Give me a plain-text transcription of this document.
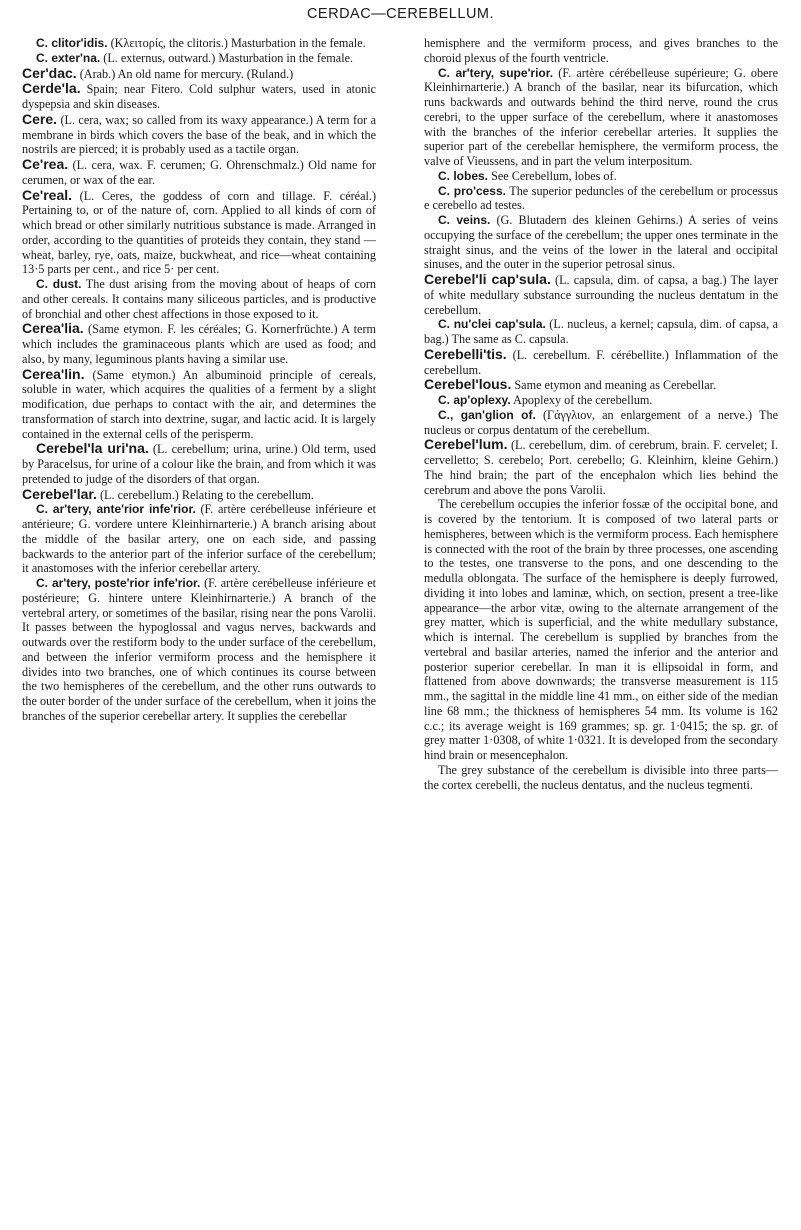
CERDAC—CEREBELLUM.

C. clitor'idis. (Κλειτορίς, the clitoris.) Masturbation in the female.

C. exter'na. (L. externus, outward.) Masturbation in the female.

Cer'dac. (Arab.) An old name for mercury. (Ruland.)

Cerde'la. Spain; near Fitero. Cold sulphur waters, used in atonic dyspepsia and skin diseases.

Cere. (L. cera, wax; so called from its waxy appearance.) A term for a membrane in birds which covers the base of the beak, and in which the nostrils are pierced; it is probably used as a tactile organ.

Ce'rea. (L. cera, wax. F. cerumen; G. Ohrenschmalz.) Old name for cerumen, or wax of the ear.

Ce'real. (L. Ceres, the goddess of corn and tillage. F. céréal.) Pertaining to, or of the nature of, corn. Applied to all kinds of corn of which bread or other similarly nutritious substance is made. Arranged in order, according to the quantities of proteids they contain, they stand —wheat, barley, rye, oats, maize, buckwheat, and rice—wheat containing 13·5 parts per cent., and rice 5· per cent.

C. dust. The dust arising from the moving about of heaps of corn and other cereals. It contains many siliceous particles, and is productive of bronchial and other chest affections in those exposed to it.

Cerea'lia. (Same etymon. F. les céréales; G. Kornerfrüchte.) A term which includes the graminaceous plants which are used as food; and also, by many, leguminous plants having a similar use.

Cerea'lin. (Same etymon.) An albuminoid principle of cereals, soluble in water, which acquires the qualities of a ferment by a slight modification, due perhaps to contact with the air, and determines the transformation of starch into dextrine, sugar, and lactic acid. It is largely contained in the external cells of the perisperm.

Cerebel'la uri'na. (L. cerebellum; urina, urine.) Old term, used by Paracelsus, for urine of a colour like the brain, and from which it was pretended to judge of the disorders of that organ.

Cerebel'lar. (L. cerebellum.) Relating to the cerebellum.

C. ar'tery, ante'rior infe'rior. (F. artère cerébelleuse inférieure et antérieure; G. vordere untere Kleinhirnarterie.) A branch arising about the middle of the basilar artery, one on each side, and passing backwards to the anterior part of the inferior surface of the cerebellum; it anastomoses with the inferior cerebellar artery.

C. ar'tery, poste'rior infe'rior. (F. artère cerébelleuse inférieure et postérieure; G. hintere untere Kleinhirnarterie.) A branch of the vertebral artery, or sometimes of the basilar, rising near the pons Varolii. It passes between the hypoglossal and vagus nerves, backwards and outwards over the restiform body to the under surface of the cerebellum, and between the inferior vermiform process and the hemisphere it divides into two branches, one of which continues its course between the two hemispheres of the cerebellum, and the other runs outwards to the outer border of the under surface of the cerebellum, when it joins the branches of the superior cerebellar artery. It supplies the cerebellar

hemisphere and the vermiform process, and gives branches to the choroid plexus of the fourth ventricle.

C. ar'tery, supe'rior. (F. artère cérébelleuse supérieure; G. obere Kleinhirnarterie.) A branch of the basilar, near its bifurcation, which runs backwards and outwards behind the third nerve, round the crus cerebri, to the upper surface of the cerebellum, where it anastomoses with the branches of the inferior cerebellar arteries. It supplies the superior part of the cerebellar hemisphere, the vermiform process, the valve of Vieussens, and in part the velum interpositum.

C. lobes. See Cerebellum, lobes of.

C. pro'cess. The superior peduncles of the cerebellum or processus e cerebello ad testes.

C. veins. (G. Blutadern des kleinen Gehirns.) A series of veins occupying the surface of the cerebellum; the upper ones terminate in the straight sinus, and the veins of the lower in the lateral and occipital sinuses, and the outer in the superior petrosal sinus.

Cerebel'li cap'sula. (L. capsula, dim. of capsa, a bag.) The layer of white medullary substance surrounding the nucleus dentatum in the cerebellum.

C. nu'clei cap'sula. (L. nucleus, a kernel; capsula, dim. of capsa, a bag.) The same as C. capsula.

Cerebelli'tis. (L. cerebellum. F. cérébellite.) Inflammation of the cerebellum.

Cerebel'lous. Same etymon and meaning as Cerebellar.

C. ap'oplexy. Apoplexy of the cerebellum.

C., gan'glion of. (Γάγγλιον, an enlargement of a nerve.) The nucleus or corpus dentatum of the cerebellum.

Cerebel'lum. (L. cerebellum, dim. of cerebrum, brain. F. cervelet; I. cervelletto; S. cerebelo; Port. cerebello; G. Kleinhirn, kleine Gehirn.) The hind brain; the part of the encephalon which lies behind the cerebrum and above the pons Varolii.

The cerebellum occupies the inferior fossæ of the occipital bone, and is covered by the tentorium. It is composed of two lateral parts or hemispheres, between which is the vermiform process. Each hemisphere is connected with the root of the brain by three processes, one ascending to the testes, one transverse to the pons, and one descending to the medulla oblongata. The surface of the hemisphere is deeply furrowed, dividing it into lobes and laminæ, which, on section, present a tree-like appearance—the arbor vitæ, owing to the alternate arrangement of the grey matter, which is superficial, and the white medullary substance, which is internal. The cerebellum is supplied by branches from the vertebral and basilar arteries, named the inferior and the anterior and posterior superior cerebellar. In man it is ellipsoidal in form, and flattened from above downwards; the transverse measurement is 115 mm., the sagittal in the middle line 41 mm., on either side of the median line 68 mm.; the thickness of hemispheres 54 mm. Its volume is 162 c.c.; its average weight is 169 grammes; sp. gr. 1·0415; the sp. gr. of grey matter 1·0308, of white 1·0321. It is developed from the secondary hind brain or mesencephalon.

The grey substance of the cerebellum is divisible into three parts—the cortex cerebelli, the nucleus dentatus, and the nucleus tegmenti.
